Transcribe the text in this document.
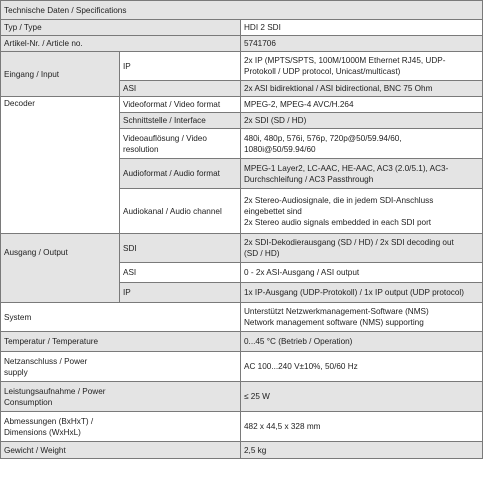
Technische Daten / Specifications		
Typ / Type		HDI 2 SDI
Artikel-Nr. / Article no.		5741706
Eingang / Input	IP	2x IP (MPTS/SPTS, 100M/1000M Ethernet RJ45, UDP-
Protokoll / UDP protocol, Unicast/multicast)

	ASI	2x ASI bidirektional / ASI bidirectional, BNC 75 Ohm
Decoder	Videoformat / Video format	MPEG-2, MPEG-4 AVC/H.264
	Schnittstelle / Interface	2x SDI (SD / HD)

	Videoauflösung / Video
resolution	480i, 480p, 576i, 576p, 720p@50/59.94/60,
1080i@50/59.94/60

	Audioformat / Audio format	MPEG-1 Layer2, LC-AAC, HE-AAC, AC3 (2.0/5.1), AC3-
Durchschleifung / AC3 Passthrough

	Audiokanal / Audio channel	2x Stereo-Audiosignale, die in jedem SDI-Anschluss
eingebettet sind
2x Stereo audio signals embedded in each SDI port

Ausgang / Output	SDI	2x SDI-Dekodierausgang (SD / HD) / 2x SDI decoding out
(SD / HD)

	ASI	0 - 2x ASI-Ausgang / ASI output
	IP	1x IP-Ausgang (UDP-Protokoll) / 1x IP output (UDP protocol)
System		Unterstützt Netzwerkmanagement-Software (NMS)
Network management software (NMS) supporting

Temperatur / Temperature		0...45 °C (Betrieb / Operation)

Netzanschluss / Power
supply		AC 100...240 V±10%, 50/60 Hz

Leistungsaufnahme / Power
Consumption		≤ 25 W

Abmessungen (BxHxT) /
Dimensions (WxHxL)		482 x 44,5 x 328 mm
Gewicht / Weight		2,5 kg
